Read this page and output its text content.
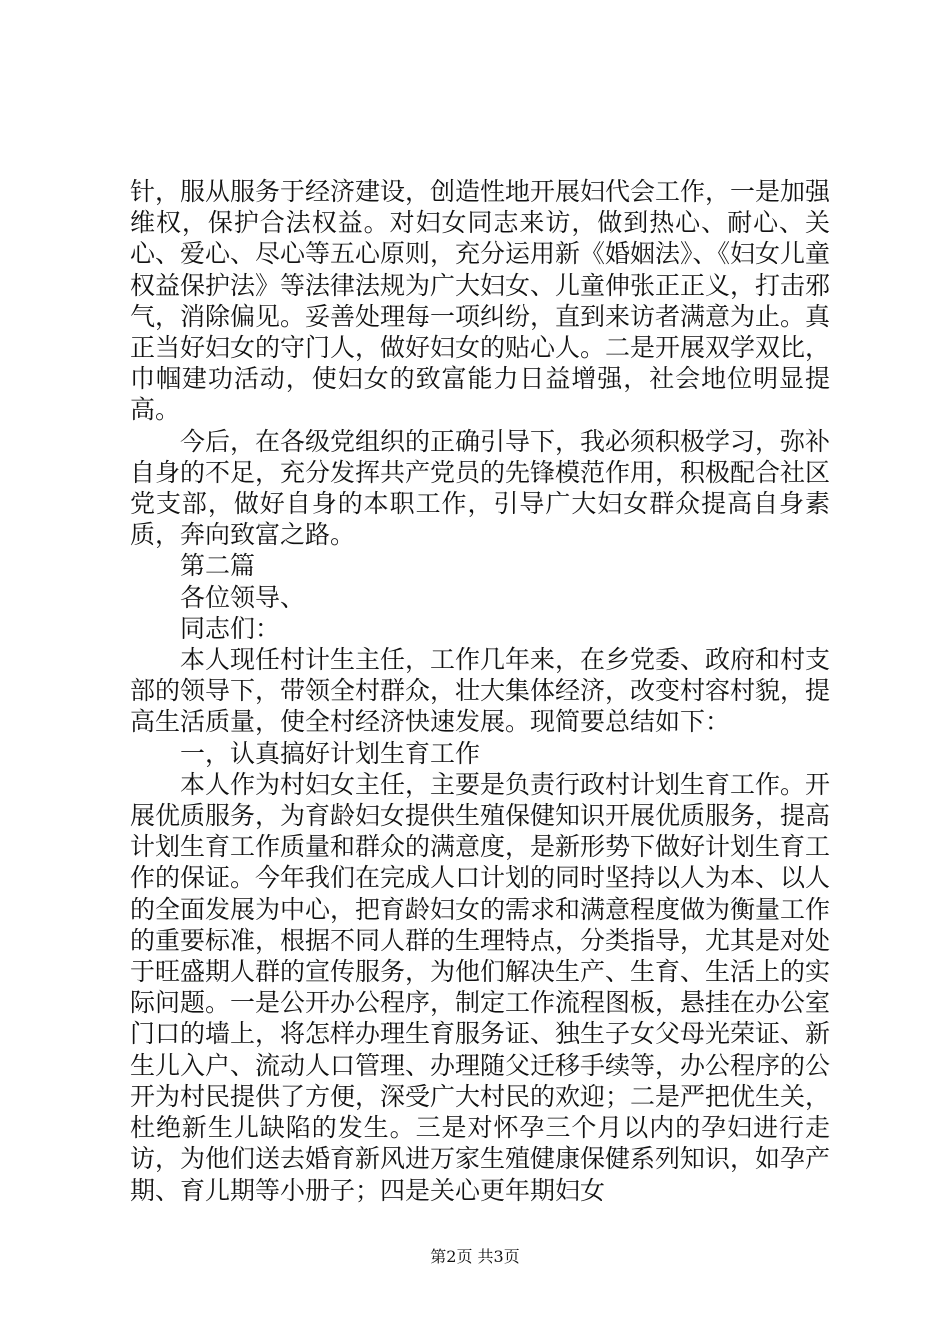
针，服从服务于经济建设，创造性地开展妇代会工作，一是加强维权，保护合法权益。对妇女同志来访，做到热心、耐心、关心、爱心、尽心等五心原则，充分运用新《婚姻法》、《妇女儿童权益保护法》等法律法规为广大妇女、儿童伸张正正义，打击邪气，消除偏见。妥善处理每一项纠纷，直到来访者满意为止。真正当好妇女的守门人，做好妇女的贴心人。二是开展双学双比，巾帼建功活动，使妇女的致富能力日益增强，社会地位明显提高。

今后，在各级党组织的正确引导下，我必须积极学习，弥补自身的不足，充分发挥共产党员的先锋模范作用，积极配合社区党支部，做好自身的本职工作，引导广大妇女群众提高自身素质，奔向致富之路。

第二篇

各位领导、

同志们：

本人现任村计生主任，工作几年来，在乡党委、政府和村支部的领导下，带领全村群众，壮大集体经济，改变村容村貌，提高生活质量，使全村经济快速发展。现简要总结如下：

一，认真搞好计划生育工作

本人作为村妇女主任，主要是负责行政村计划生育工作。开展优质服务，为育龄妇女提供生殖保健知识开展优质服务，提高计划生育工作质量和群众的满意度，是新形势下做好计划生育工作的保证。今年我们在完成人口计划的同时坚持以人为本、以人的全面发展为中心，把育龄妇女的需求和满意程度做为衡量工作的重要标准，根据不同人群的生理特点，分类指导，尤其是对处于旺盛期人群的宣传服务，为他们解决生产、生育、生活上的实际问题。一是公开办公程序，制定工作流程图板，悬挂在办公室门口的墙上，将怎样办理生育服务证、独生子女父母光荣证、新生儿入户、流动人口管理、办理随父迁移手续等，办公程序的公开为村民提供了方便，深受广大村民的欢迎；二是严把优生关，杜绝新生儿缺陷的发生。三是对怀孕三个月以内的孕妇进行走访，为他们送去婚育新风进万家生殖健康保健系列知识，如孕产期、育儿期等小册子；四是关心更年期妇女

第2页 共3页
